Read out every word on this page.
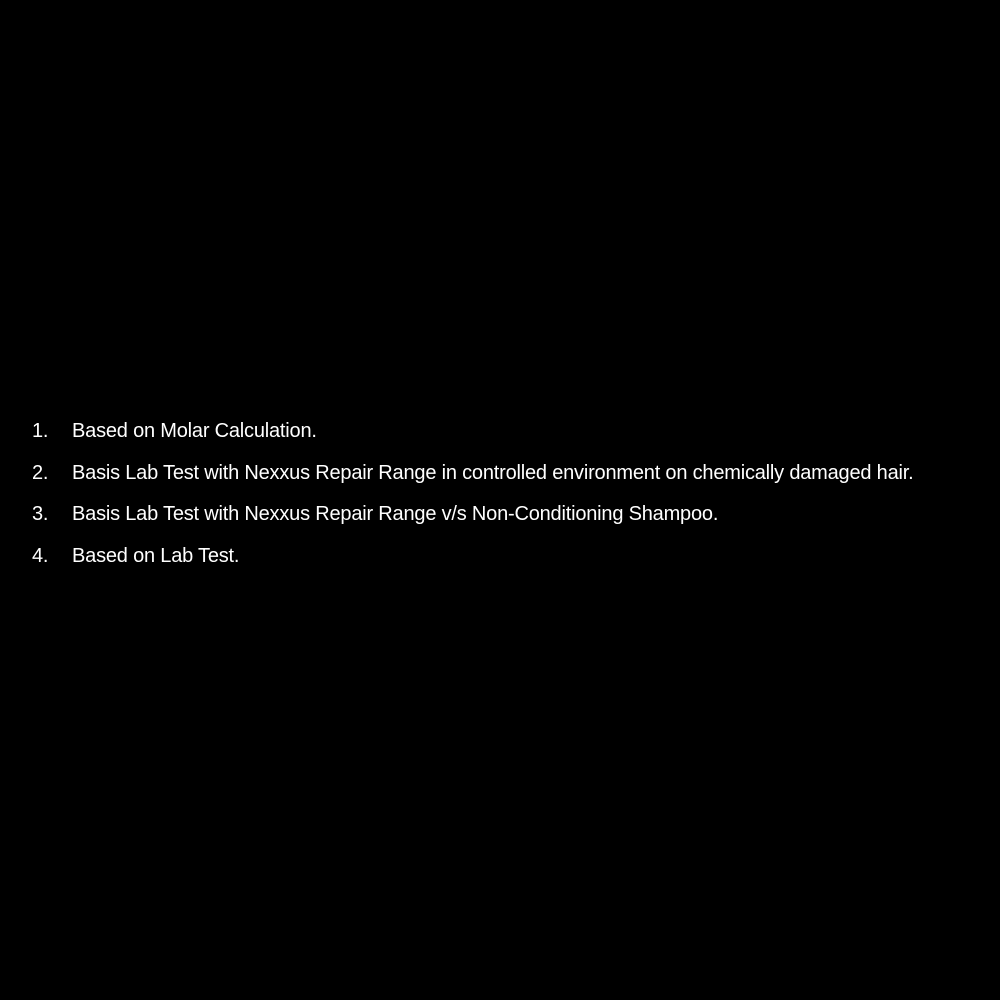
1.	Based on Molar Calculation.
2.	Basis Lab Test with Nexxus Repair Range in controlled environment on chemically damaged hair.
3.	Basis Lab Test with Nexxus Repair Range v/s Non-Conditioning Shampoo.
4.	Based on Lab Test.
